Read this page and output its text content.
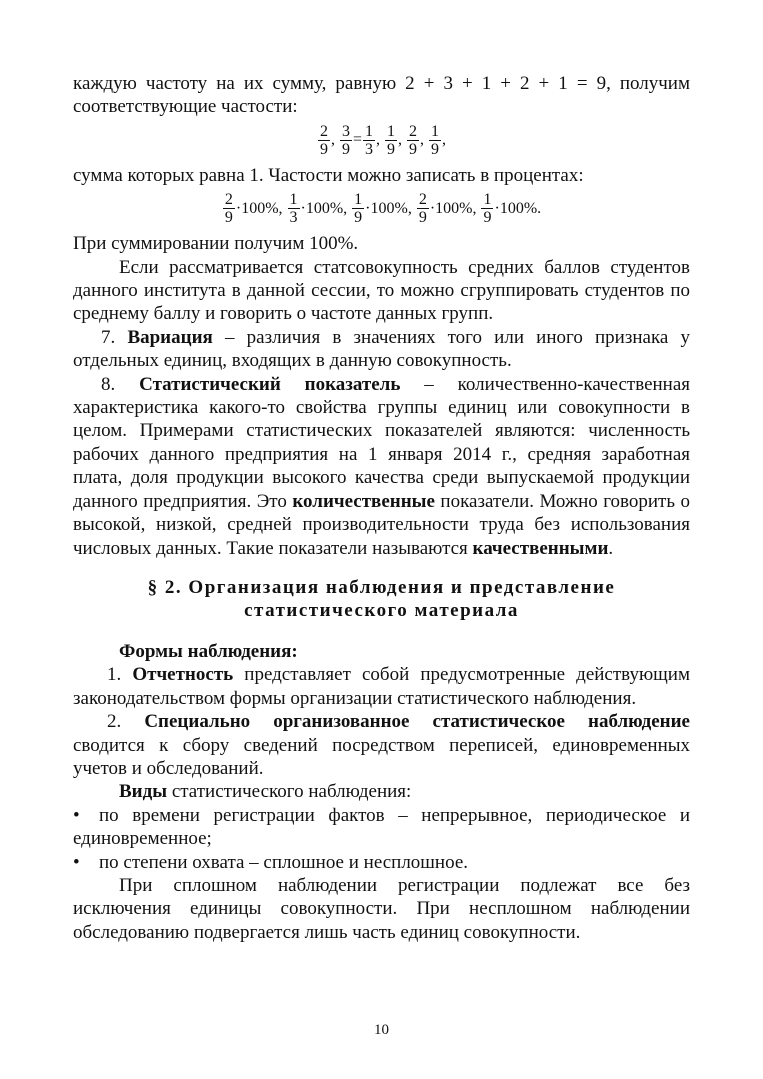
каждую частоту на их сумму, равную 2 + 3 + 1 + 2 + 1 = 9, получим

соответствующие частости:

$\frac{2}{9}$ , $\frac{3}{9} = \frac{1}{3}$ , $\frac{1}{9}$ , $\frac{2}{9}$ , $\frac{1}{9}$ ,

сумма которых равна 1. Частости можно записать в процентах:

$\frac{2}{9} \cdot 100\%$, $\frac{1}{3} \cdot 100\%$, $\frac{1}{9} \cdot 100\%$, $\frac{2}{9} \cdot 100\%$, $\frac{1}{9} \cdot 100\%$.

При суммировании получим 100%.

Если рассматривается статсовокупность средних баллов студентов данного института в данной сессии, то можно сгруппировать студентов по среднему баллу и говорить о частоте данных групп.

7. Вариация – различия в значениях того или иного признака у отдельных единиц, входящих в данную совокупность.

8. Статистический показатель – количественно-качественная характеристика какого-то свойства группы единиц или совокупности в целом. Примерами статистических показателей являются: численность рабочих данного предприятия на 1 января 2014 г., средняя заработная плата, доля продукции высокого качества среди выпускаемой продукции данного предприятия. Это количественные показатели. Можно говорить о высокой, низкой, средней производительности труда без использования числовых данных. Такие показатели называются качественными.

§ 2. Организация наблюдения и представление
статистического материала

Формы наблюдения:

1. Отчетность представляет собой предусмотренные действующим законодательством формы организации статистического наблюдения.

2. Специально организованное статистическое наблюдение сводится к сбору сведений посредством переписей, единовременных учетов и обследований.

Виды статистического наблюдения:

• по времени регистрации фактов – непрерывное, периодическое и единовременное;

• по степени охвата – сплошное и несплошное.

При сплошном наблюдении регистрации подлежат все без исключения единицы совокупности. При несплошном наблюдении обследованию подвергается лишь часть единиц совокупности.

10
